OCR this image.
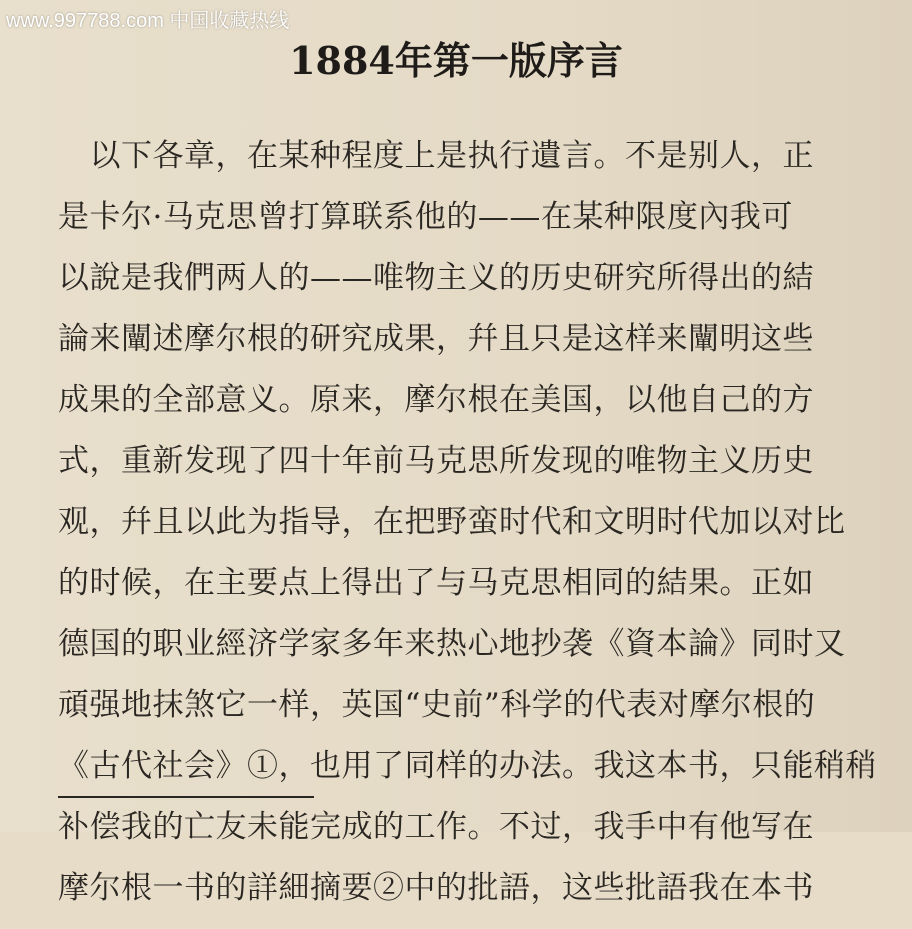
www.997788.com 中国收藏热线
1884年第一版序言
　以下各章，在某种程度上是执行遺言。不是别人，正
是卡尔·马克思曾打算联系他的——在某种限度內我可
以說是我們两人的——唯物主义的历史研究所得出的結
論来闡述摩尔根的研究成果，幷且只是这样来闡明这些
成果的全部意义。原来，摩尔根在美国，以他自己的方
式，重新发现了四十年前马克思所发现的唯物主义历史
观，幷且以此为指导，在把野蛮时代和文明时代加以对比
的时候，在主要点上得出了与马克思相同的結果。正如
德国的职业經济学家多年来热心地抄袭《資本論》同时又
頑强地抹煞它一样，英国“史前”科学的代表对摩尔根的
《古代社会》①，也用了同样的办法。我这本书，只能稍稍
补偿我的亡友未能完成的工作。不过，我手中有他写在
摩尔根一书的詳細摘要②中的批語，这些批語我在本书
